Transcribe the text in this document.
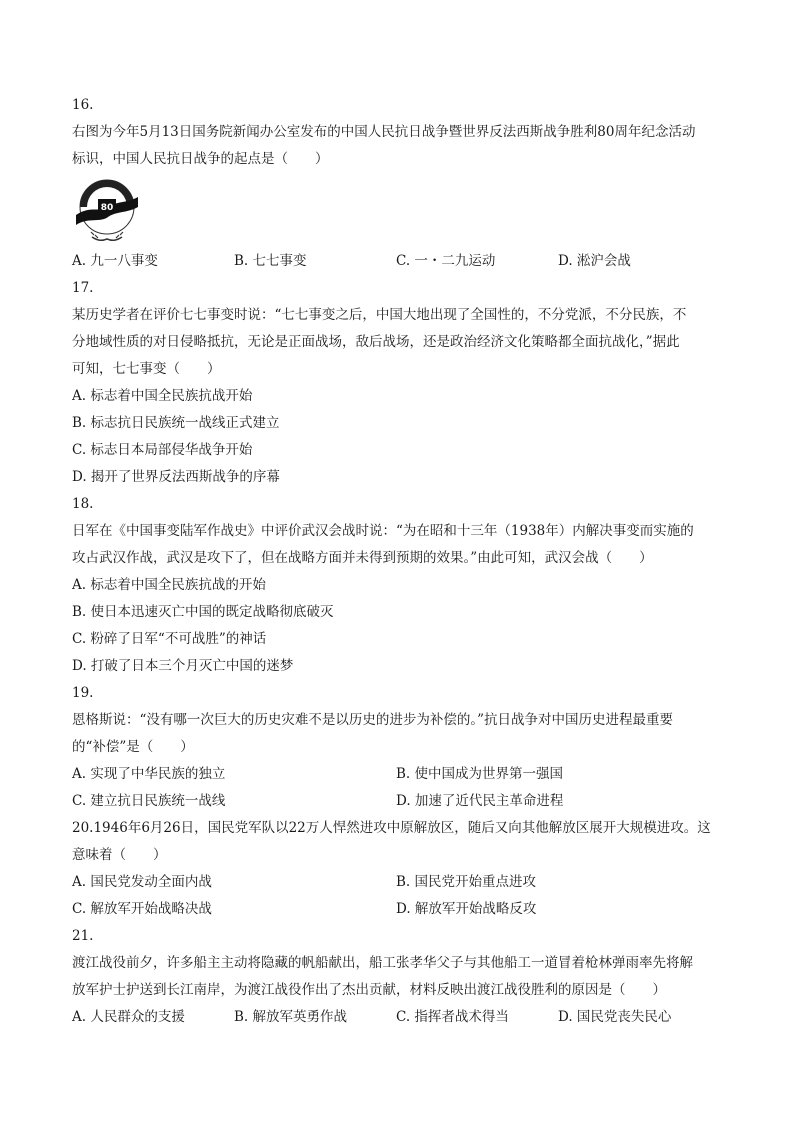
16.
右图为今年5月13日国务院新闻办公室发布的中国人民抗日战争暨世界反法西斯战争胜利80周年纪念活动
标识，中国人民抗日战争的起点是（　　）
80
A. 九一八事变	B. 七七事变	C. 一・二九运动	D. 淞沪会战
17.
某历史学者在评价七七事变时说：“七七事变之后，中国大地出现了全国性的，不分党派，不分民族，不
分地域性质的对日侵略抵抗，无论是正面战场，敌后战场，还是政治经济文化策略都全面抗战化，”据此
可知，七七事变（　　）
A. 标志着中国全民族抗战开始
B. 标志抗日民族统一战线正式建立
C. 标志日本局部侵华战争开始
D. 揭开了世界反法西斯战争的序幕
18.
日军在《中国事变陆军作战史》中评价武汉会战时说：“为在昭和十三年（1938年）内解决事变而实施的
攻占武汉作战，武汉是攻下了，但在战略方面并未得到预期的效果。”由此可知，武汉会战（　　）
A. 标志着中国全民族抗战的开始
B. 使日本迅速灭亡中国的既定战略彻底破灭
C. 粉碎了日军“不可战胜”的神话
D. 打破了日本三个月灭亡中国的迷梦
19.
恩格斯说：“没有哪一次巨大的历史灾难不是以历史的进步为补偿的。”抗日战争对中国历史进程最重要
的“补偿”是（　　）
A. 实现了中华民族的独立	B. 使中国成为世界第一强国
C. 建立抗日民族统一战线	D. 加速了近代民主革命进程
20.1946年6月26日，国民党军队以22万人悍然进攻中原解放区，随后又向其他解放区展开大规模进攻。这
意味着（　　）
A. 国民党发动全面内战	B. 国民党开始重点进攻
C. 解放军开始战略决战	D. 解放军开始战略反攻
21.
渡江战役前夕，许多船主主动将隐藏的帆船献出，船工张孝华父子与其他船工一道冒着枪林弹雨率先将解
放军护士护送到长江南岸，为渡江战役作出了杰出贡献，材料反映出渡江战役胜利的原因是（　　）
A. 人民群众的支援	B. 解放军英勇作战	C. 指挥者战术得当	D. 国民党丧失民心
